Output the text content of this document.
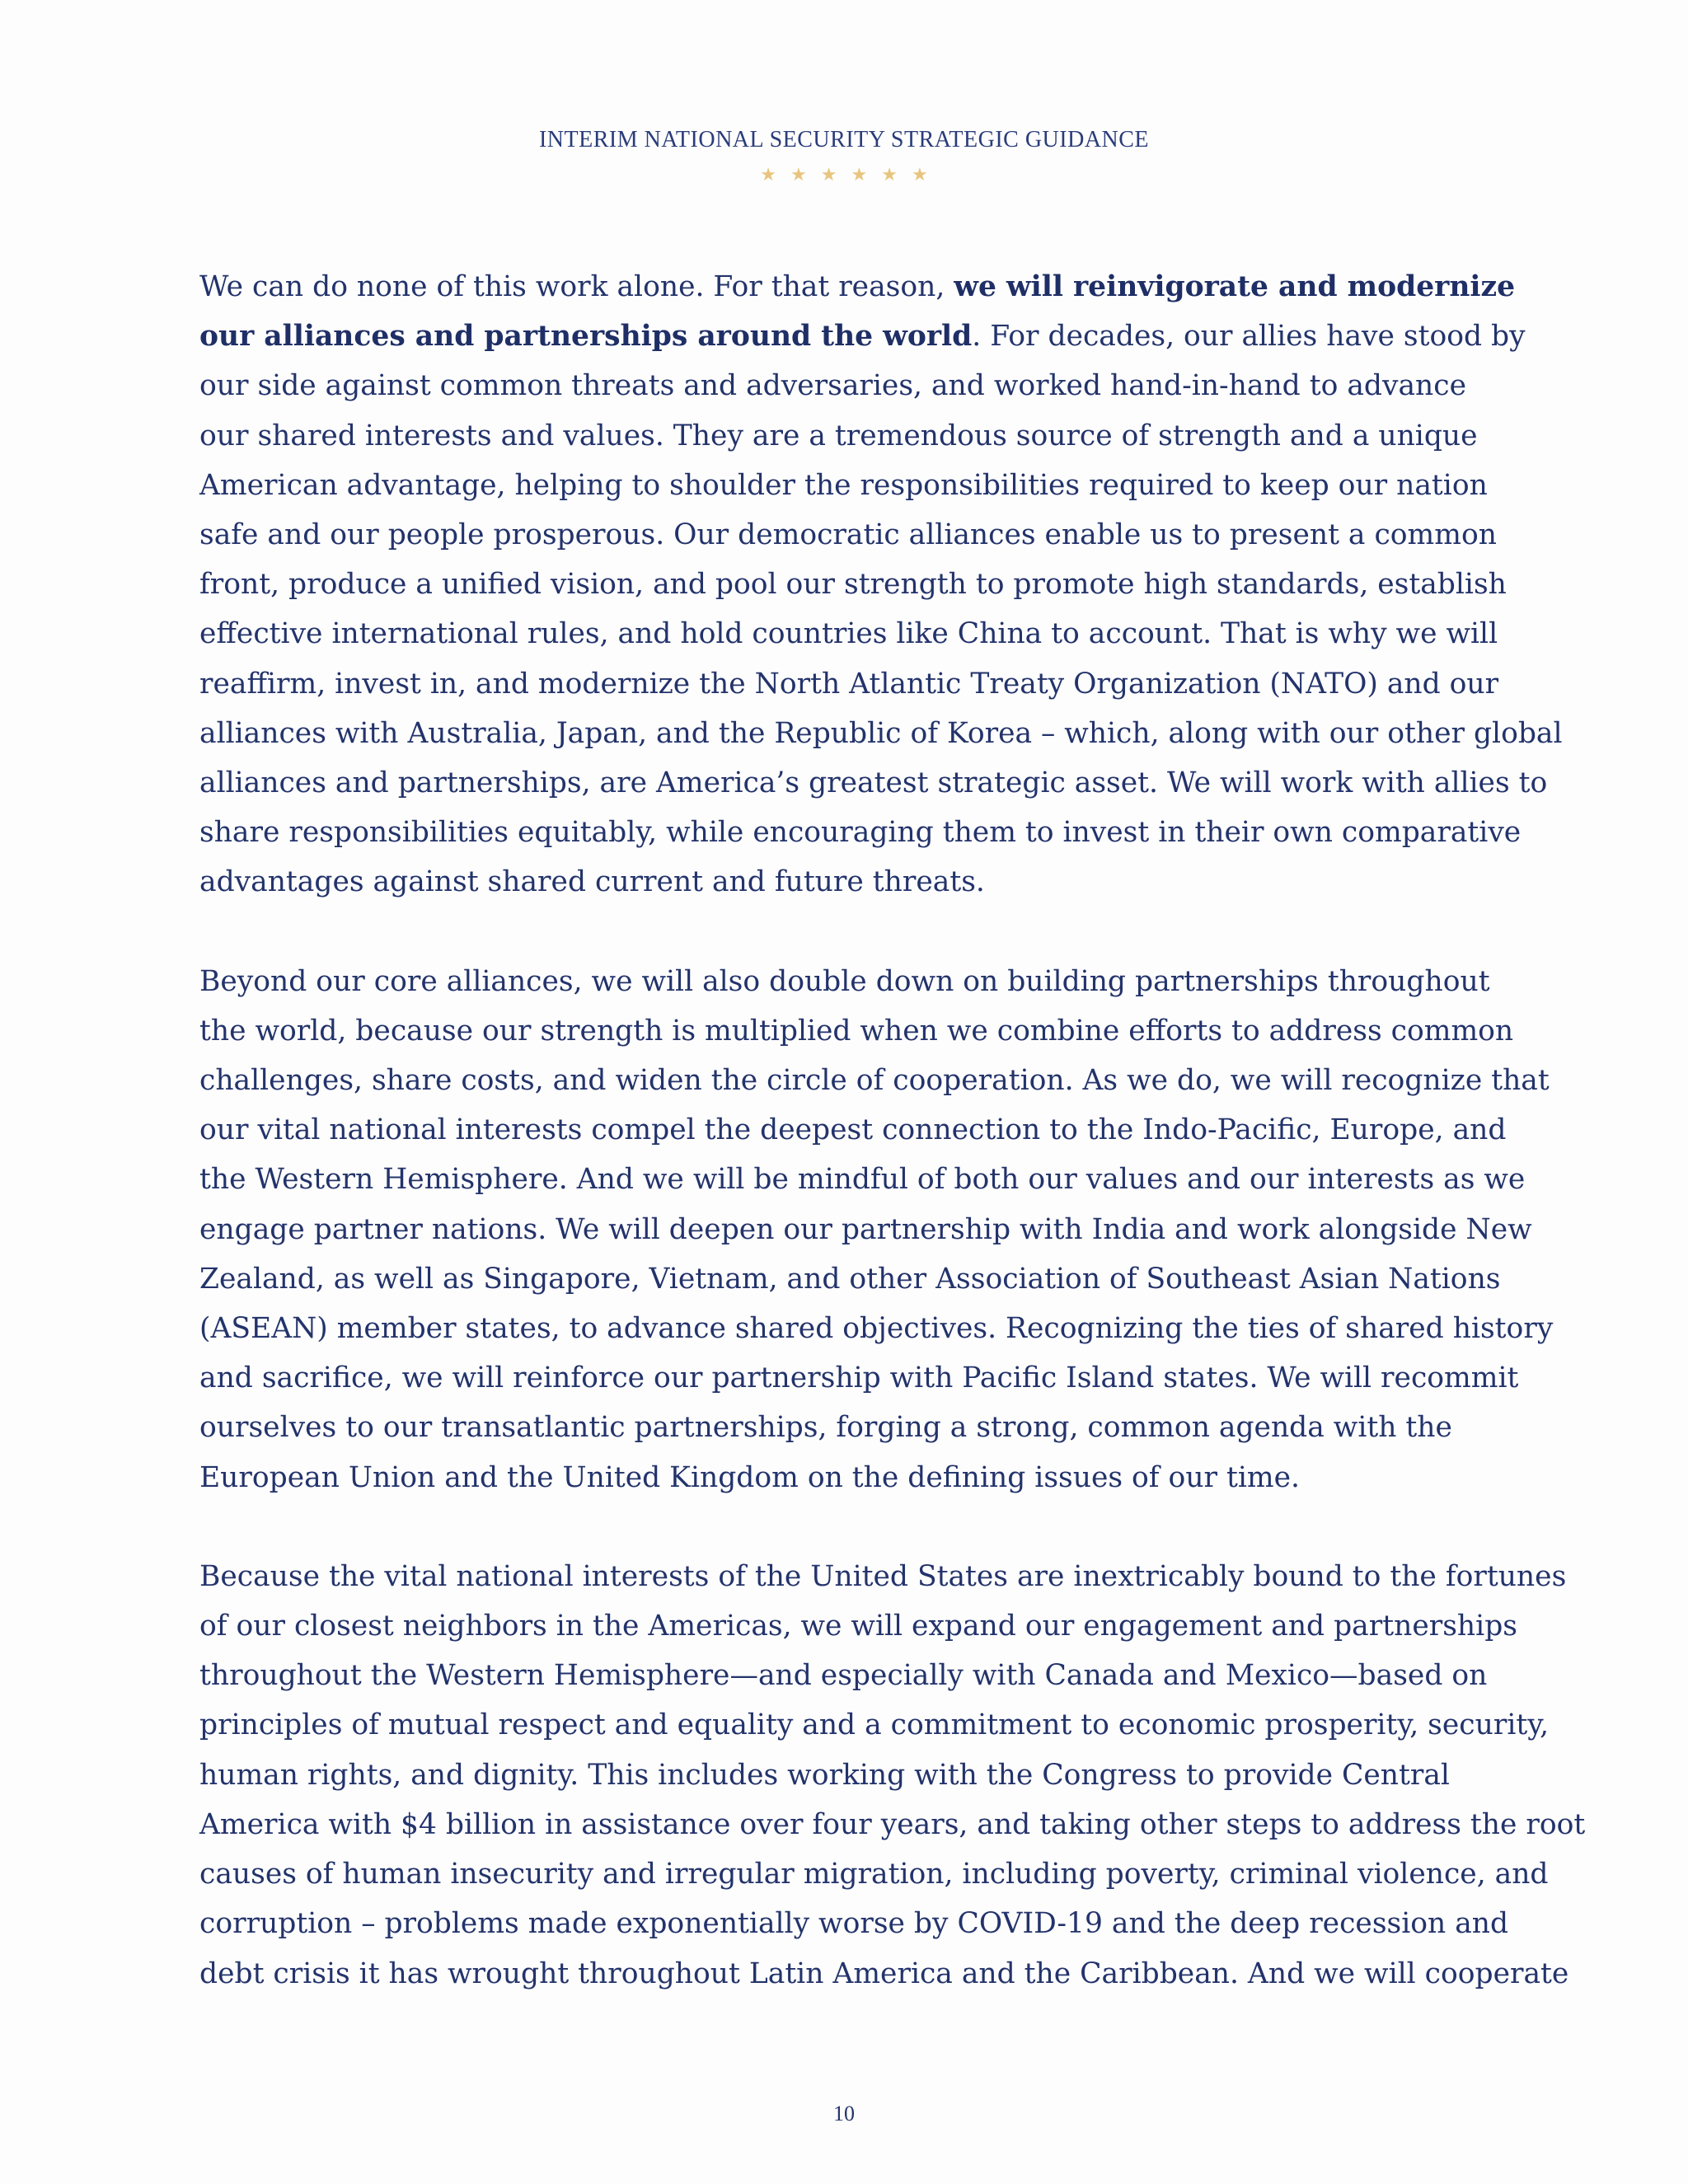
INTERIM NATIONAL SECURITY STRATEGIC GUIDANCE
★ ★ ★ ★ ★ ★

We can do none of this work alone. For that reason, we will reinvigorate and modernize
our alliances and partnerships around the world. For decades, our allies have stood by
our side against common threats and adversaries, and worked hand-in-hand to advance
our shared interests and values. They are a tremendous source of strength and a unique
American advantage, helping to shoulder the responsibilities required to keep our nation
safe and our people prosperous. Our democratic alliances enable us to present a common
front, produce a unified vision, and pool our strength to promote high standards, establish
effective international rules, and hold countries like China to account. That is why we will
reaffirm, invest in, and modernize the North Atlantic Treaty Organization (NATO) and our
alliances with Australia, Japan, and the Republic of Korea – which, along with our other global
alliances and partnerships, are America’s greatest strategic asset. We will work with allies to
share responsibilities equitably, while encouraging them to invest in their own comparative
advantages against shared current and future threats.

Beyond our core alliances, we will also double down on building partnerships throughout
the world, because our strength is multiplied when we combine efforts to address common
challenges, share costs, and widen the circle of cooperation. As we do, we will recognize that
our vital national interests compel the deepest connection to the Indo-Pacific, Europe, and
the Western Hemisphere. And we will be mindful of both our values and our interests as we
engage partner nations. We will deepen our partnership with India and work alongside New
Zealand, as well as Singapore, Vietnam, and other Association of Southeast Asian Nations
(ASEAN) member states, to advance shared objectives. Recognizing the ties of shared history
and sacrifice, we will reinforce our partnership with Pacific Island states. We will recommit
ourselves to our transatlantic partnerships, forging a strong, common agenda with the
European Union and the United Kingdom on the defining issues of our time.

Because the vital national interests of the United States are inextricably bound to the fortunes
of our closest neighbors in the Americas, we will expand our engagement and partnerships
throughout the Western Hemisphere—and especially with Canada and Mexico—based on
principles of mutual respect and equality and a commitment to economic prosperity, security,
human rights, and dignity. This includes working with the Congress to provide Central
America with $4 billion in assistance over four years, and taking other steps to address the root
causes of human insecurity and irregular migration, including poverty, criminal violence, and
corruption – problems made exponentially worse by COVID-19 and the deep recession and
debt crisis it has wrought throughout Latin America and the Caribbean. And we will cooperate

10
